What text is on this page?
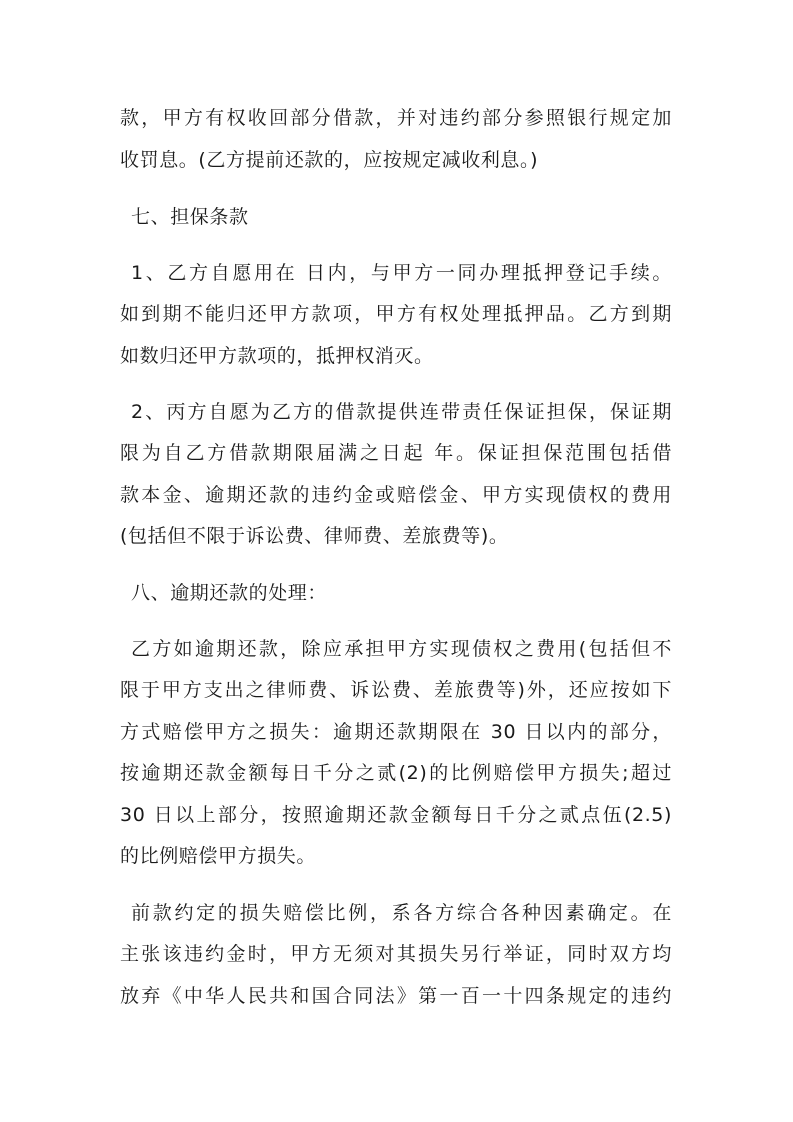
款，甲方有权收回部分借款，并对违约部分参照银行规定加
收罚息。(乙方提前还款的，应按规定减收利息。)
七、担保条款
1、乙方自愿用在 日内，与甲方一同办理抵押登记手续。
如到期不能归还甲方款项，甲方有权处理抵押品。乙方到期
如数归还甲方款项的，抵押权消灭。
2、丙方自愿为乙方的借款提供连带责任保证担保，保证期
限为自乙方借款期限届满之日起 年。保证担保范围包括借
款本金、逾期还款的违约金或赔偿金、甲方实现债权的费用
(包括但不限于诉讼费、律师费、差旅费等)。
八、逾期还款的处理：
乙方如逾期还款，除应承担甲方实现债权之费用(包括但不
限于甲方支出之律师费、诉讼费、差旅费等)外，还应按如下
方式赔偿甲方之损失：逾期还款期限在 30 日以内的部分，
按逾期还款金额每日千分之贰(2)的比例赔偿甲方损失;超过
30 日以上部分，按照逾期还款金额每日千分之贰点伍(2.5)
的比例赔偿甲方损失。
前款约定的损失赔偿比例，系各方综合各种因素确定。在
主张该违约金时，甲方无须对其损失另行举证，同时双方均
放弃《中华人民共和国合同法》第一百一十四条规定的违约
